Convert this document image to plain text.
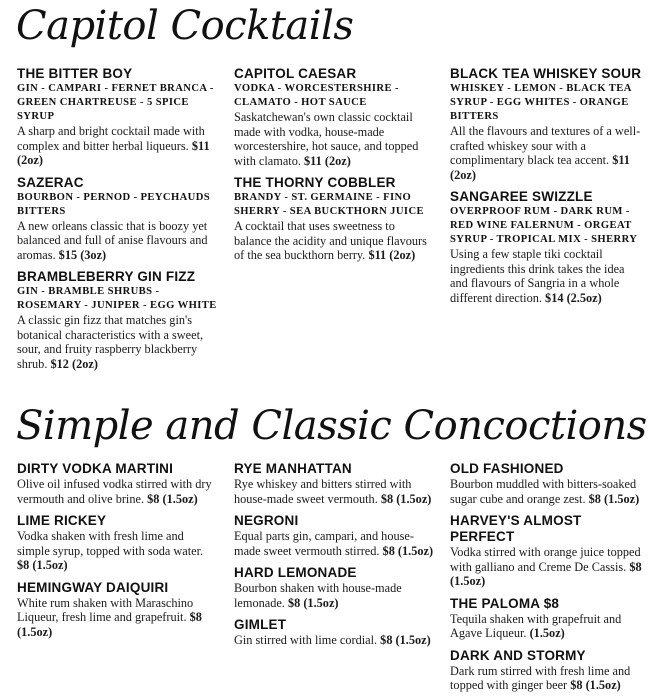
Capitol Cocktails
THE BITTER BOY
GIN - CAMPARI - FERNET BRANCA - GREEN CHARTREUSE - 5 SPICE SYRUP
A sharp and bright cocktail made with complex and bitter herbal liqueurs. $11 (2oz)
SAZERAC
BOURBON - PERNOD - PEYCHAUDS BITTERS
A new orleans classic that is boozy yet balanced and full of anise flavours and aromas. $15 (3oz)
BRAMBLEBERRY GIN FIZZ
GIN - BRAMBLE SHRUBS - ROSEMARY - JUNIPER - EGG WHITE
A classic gin fizz that matches gin's botanical characteristics with a sweet, sour, and fruity raspberry blackberry shrub. $12 (2oz)
CAPITOL CAESAR
VODKA - WORCESTERSHIRE - CLAMATO - HOT SAUCE
Saskatchewan's own classic cocktail made with vodka, house-made worcestershire, hot sauce, and topped with clamato. $11 (2oz)
THE THORNY COBBLER
BRANDY - ST. GERMAINE - FINO SHERRY - SEA BUCKTHORN JUICE
A cocktail that uses sweetness to balance the acidity and unique flavours of the sea buckthorn berry. $11 (2oz)
BLACK TEA WHISKEY SOUR
WHISKEY - LEMON - BLACK TEA SYRUP - EGG WHITES - ORANGE BITTERS
All the flavours and textures of a well-crafted whiskey sour with a complimentary black tea accent. $11 (2oz)
SANGAREE SWIZZLE
OVERPROOF RUM - DARK RUM - RED WINE FALERNUM - ORGEAT SYRUP - TROPICAL MIX - SHERRY
Using a few staple tiki cocktail ingredients this drink takes the idea and flavours of Sangria in a whole different direction. $14 (2.5oz)
Simple and Classic Concoctions
DIRTY VODKA MARTINI
Olive oil infused vodka stirred with dry vermouth and olive brine. $8 (1.5oz)
LIME RICKEY
Vodka shaken with fresh lime and simple syrup, topped with soda water. $8 (1.5oz)
HEMINGWAY DAIQUIRI
White rum shaken with Maraschino Liqueur, fresh lime and grapefruit. $8 (1.5oz)
RYE MANHATTAN
Rye whiskey and bitters stirred with house-made sweet vermouth. $8 (1.5oz)
NEGRONI
Equal parts gin, campari, and house-made sweet vermouth stirred. $8 (1.5oz)
HARD LEMONADE
Bourbon shaken with house-made lemonade. $8 (1.5oz)
GIMLET
Gin stirred with lime cordial. $8 (1.5oz)
OLD FASHIONED
Bourbon muddled with bitters-soaked sugar cube and orange zest. $8 (1.5oz)
HARVEY'S ALMOST PERFECT
Vodka stirred with orange juice topped with galliano and Creme De Cassis. $8 (1.5oz)
THE PALOMA $8
Tequila shaken with grapefruit and Agave Liqueur. (1.5oz)
DARK AND STORMY
Dark rum stirred with fresh lime and topped with ginger beer $8 (1.5oz)
